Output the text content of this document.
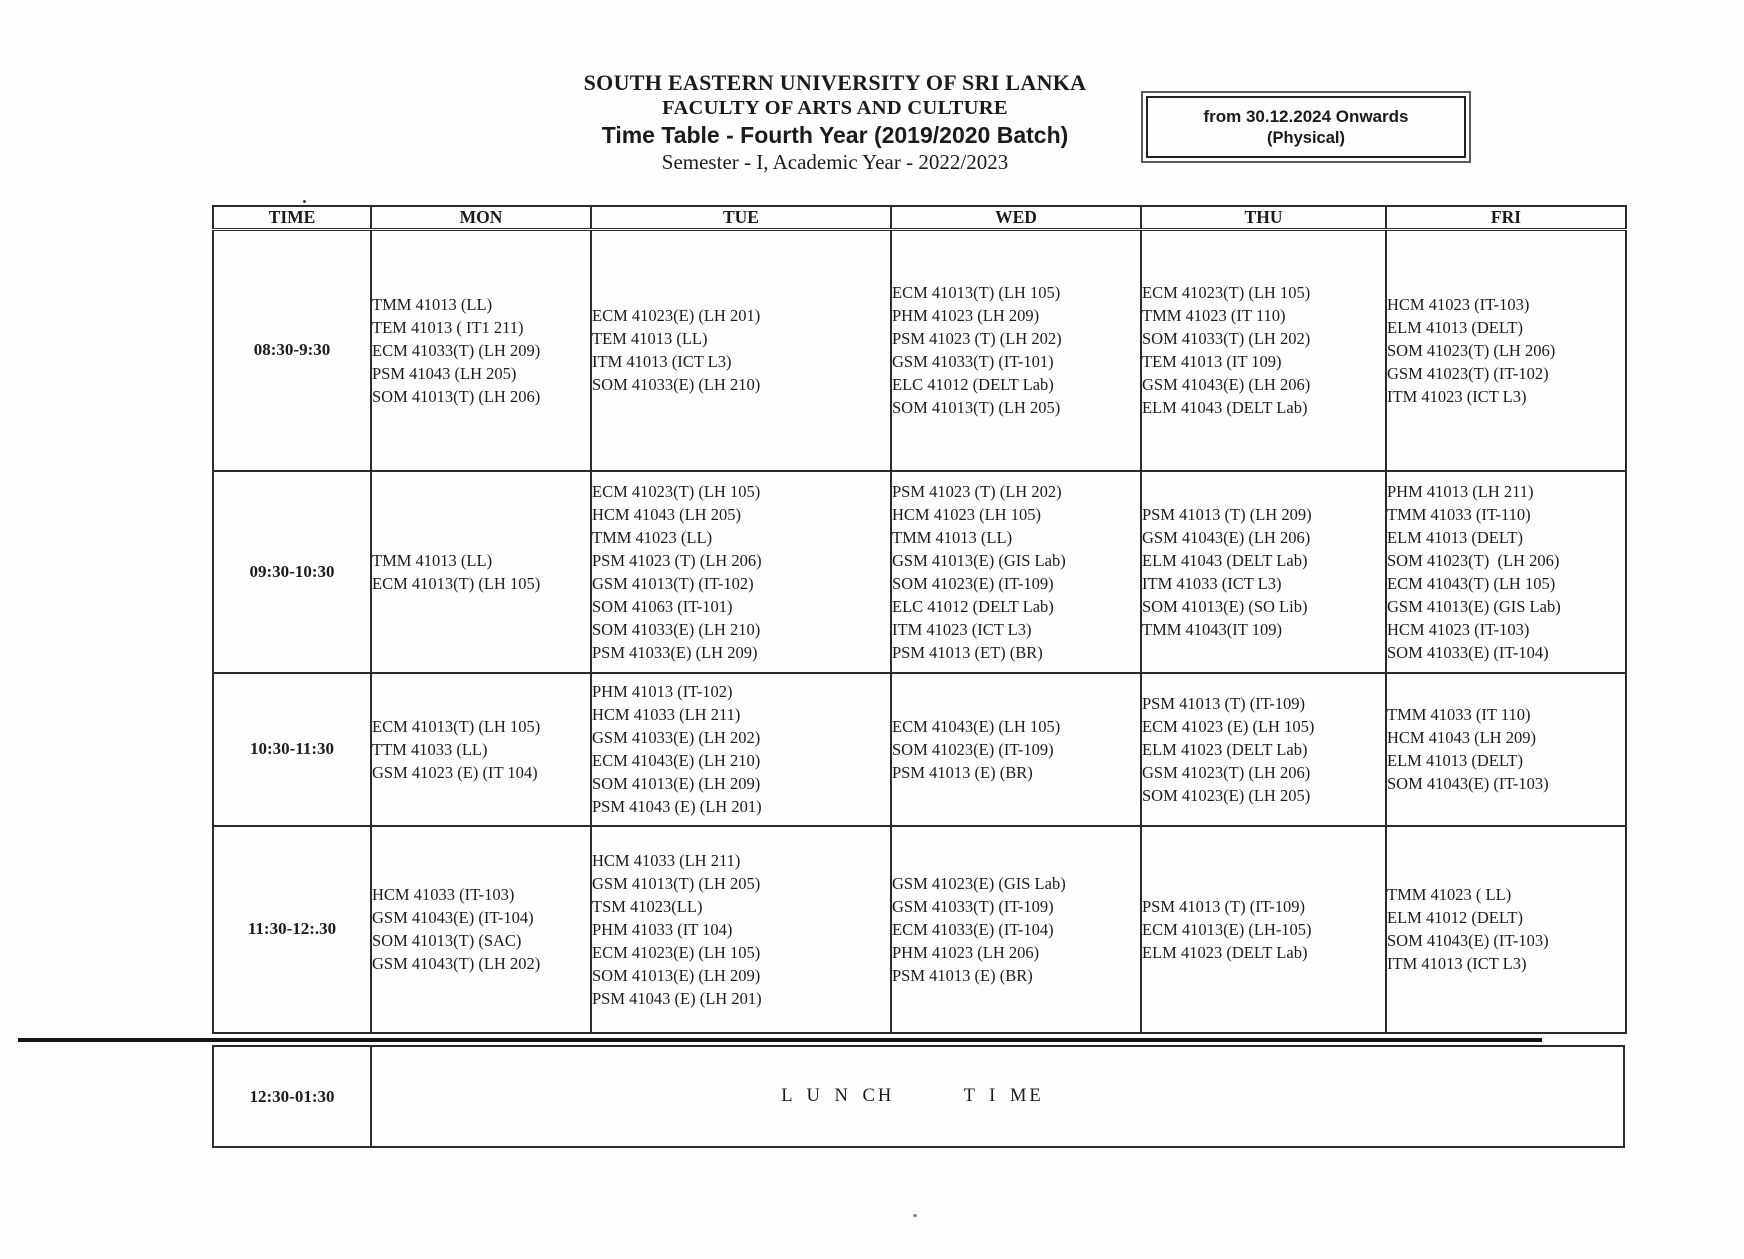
SOUTH EASTERN UNIVERSITY OF SRI LANKA
FACULTY OF ARTS AND CULTURE
Time Table - Fourth Year (2019/2020 Batch)
Semester - I, Academic Year - 2022/2023
from 30.12.2024 Onwards
(Physical)
TIME	MON	TUE	WED	THU	FRI
08:30-9:30	
TMM 41013 (LL)
TEM 41013 ( IT1 211)
ECM 41033(T) (LH 209)
PSM 41043 (LH 205)
SOM 41013(T) (LH 206)

ECM 41023(E) (LH 201)
TEM 41013 (LL)
ITM 41013 (ICT L3)
SOM 41033(E) (LH 210)

ECM 41013(T) (LH 105)
PHM 41023 (LH 209)
PSM 41023 (T) (LH 202)
GSM 41033(T) (IT-101)
ELC 41012 (DELT Lab)
SOM 41013(T) (LH 205)

ECM 41023(T) (LH 105)
TMM 41023 (IT 110)
SOM 41033(T) (LH 202)
TEM 41013 (IT 109)
GSM 41043(E) (LH 206)
ELM 41043 (DELT Lab)

HCM 41023 (IT-103)
ELM 41013 (DELT)
SOM 41023(T) (LH 206)
GSM 41023(T) (IT-102)
ITM 41023 (ICT L3)

09:30-10:30	
TMM 41013 (LL)
ECM 41013(T) (LH 105)

ECM 41023(T) (LH 105)
HCM 41043 (LH 205)
TMM 41023 (LL)
PSM 41023 (T) (LH 206)
GSM 41013(T) (IT-102)
SOM 41063 (IT-101)
SOM 41033(E) (LH 210)
PSM 41033(E) (LH 209)

PSM 41023 (T) (LH 202)
HCM 41023 (LH 105)
TMM 41013 (LL)
GSM 41013(E) (GIS Lab)
SOM 41023(E) (IT-109)
ELC 41012 (DELT Lab)
ITM 41023 (ICT L3)
PSM 41013 (ET) (BR)

PSM 41013 (T) (LH 209)
GSM 41043(E) (LH 206)
ELM 41043 (DELT Lab)
ITM 41033 (ICT L3)
SOM 41013(E) (SO Lib)
TMM 41043(IT 109)

PHM 41013 (LH 211)
TMM 41033 (IT-110)
ELM 41013 (DELT)
SOM 41023(T)  (LH 206)
ECM 41043(T) (LH 105)
GSM 41013(E) (GIS Lab)
HCM 41023 (IT-103)
SOM 41033(E) (IT-104)

10:30-11:30	
ECM 41013(T) (LH 105)
TTM 41033 (LL)
GSM 41023 (E) (IT 104)

PHM 41013 (IT-102)
HCM 41033 (LH 211)
GSM 41033(E) (LH 202)
ECM 41043(E) (LH 210)
SOM 41013(E) (LH 209)
PSM 41043 (E) (LH 201)

ECM 41043(E) (LH 105)
SOM 41023(E) (IT-109)
PSM 41013 (E) (BR)

PSM 41013 (T) (IT-109)
ECM 41023 (E) (LH 105)
ELM 41023 (DELT Lab)
GSM 41023(T) (LH 206)
SOM 41023(E) (LH 205)

TMM 41033 (IT 110)
HCM 41043 (LH 209)
ELM 41013 (DELT)
SOM 41043(E) (IT-103)

11:30-12:.30	
HCM 41033 (IT-103)
GSM 41043(E) (IT-104)
SOM 41013(T) (SAC)
GSM 41043(T) (LH 202)

HCM 41033 (LH 211)
GSM 41013(T) (LH 205)
TSM 41023(LL)
PHM 41033 (IT 104)
ECM 41023(E) (LH 105)
SOM 41013(E) (LH 209)
PSM 41043 (E) (LH 201)

GSM 41023(E) (GIS Lab)
GSM 41033(T) (IT-109)
ECM 41033(E) (IT-104)
PHM 41023 (LH 206)
PSM 41013 (E) (BR)

PSM 41013 (T) (IT-109)
ECM 41013(E) (LH-105)
ELM 41023 (DELT Lab)

TMM 41023 ( LL)
ELM 41012 (DELT)
SOM 41043(E) (IT-103)
ITM 41013 (ICT L3)
12:30-01:30	L U N CH      T I ME
